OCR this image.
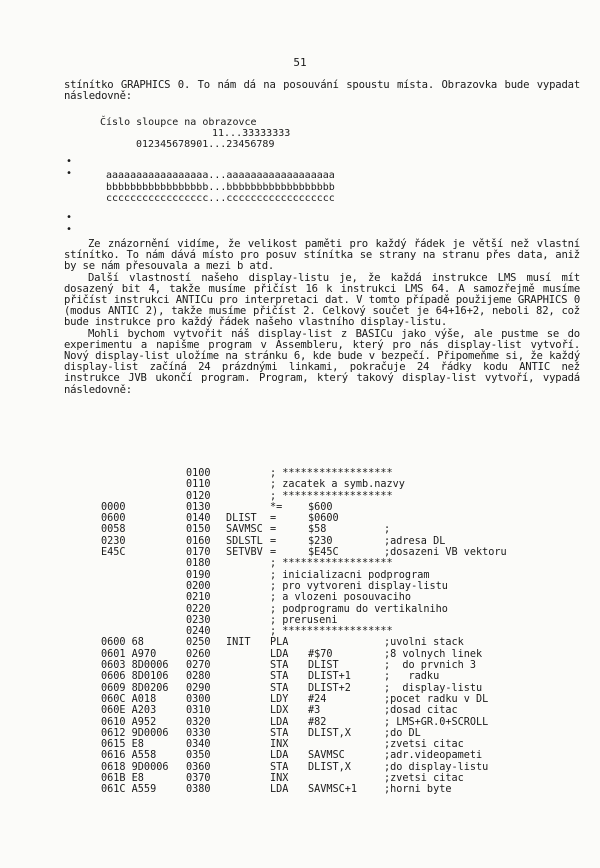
51
stínítko GRAPHICS 0. To nám dá na posouvání spoustu místa. Obrazovka bude vypadat následovně:
Číslo sloupce na obrazovce
11...33333333
012345678901...23456789
•
•	aaaaaaaaaaaaaaaaa...aaaaaaaaaaaaaaaaaa
bbbbbbbbbbbbbbbbb...bbbbbbbbbbbbbbbbbb
ccccccccccccccccc...cccccccccccccccccc
•
•
Ze znázornění vidíme, že velikost paměti pro každý řádek je větší než vlastní stínítko. To nám dává místo pro posuv stínítka se strany na stranu přes data, aniž by se nám přesouvala a mezi b atd.
Další vlastností našeho display-listu je, že každá instrukce LMS musí mít dosazený bit 4, takže musíme přičíst 16 k instrukci LMS 64. A samozřejmě musíme přičíst instrukci ANTICu pro interpretaci dat. V tomto případě použijeme GRAPHICS 0 (modus ANTIC 2), takže musíme přičíst 2. Celkový součet je 64+16+2, neboli 82, což bude instrukce pro každý řádek našeho vlastního display-listu.
Mohli bychom vytvořit náš display-list z BASICu jako výše, ale pustme se do experimentu a napišme program v Assembleru, který pro nás display-list vytvoří. Nový display-list uložíme na stránku 6, kde bude v bezpečí. Připomeňme si, že každý display-list začíná 24 prázdnými linkami, pokračuje 24 řádky kodu ANTIC než instrukce JVB ukončí program. Program, který takový display-list vytvoří, vypadá následovně:
0100	; ******************
0110	; zacatek a symb.nazvy
0120	; ******************
0000	0130	*=	$600
0600	0140 DLIST =	$0600
0058	0150 SAVMSC =	$58	;
0230	0160 SDLSTL =	$230	;adresa DL
E45C	0170 SETVBV =	$E45C	;dosazeni VB vektoru
0180	; ******************
0190	; inicializacni podprogram
0200	; pro vytvoreni display-listu
0210	; a vlozeni posouvaciho
0220	; podprogramu do vertikalniho
0230	; preruseni
0240	; ******************
0600 68	0250 INIT PLA	;uvolni stack
0601 A970	0260	LDA #$70	;8 volnych linek
0603 8D0006 0270	STA DLIST	;  do prvnich 3
0606 8D0106 0280	STA DLIST+1	;   radku
0609 8D0206 0290	STA DLIST+2	;  display-listu
060C A018	0300	LDY #24	;pocet radku v DL
060E A203	0310	LDX #3	;dosad citac
0610 A952	0320	LDA #82	; LMS+GR.0+SCROLL
0612 9D0006 0330	STA DLIST,X	;do DL
0615 E8	0340	INX	;zvetsi citac
0616 A558	0350	LDA SAVMSC	;adr.videopameti
0618 9D0006 0360	STA DLIST,X	;do display-listu
061B E8	0370	INX	;zvetsi citac
061C A559	0380	LDA SAVMSC+1	;horni byte
